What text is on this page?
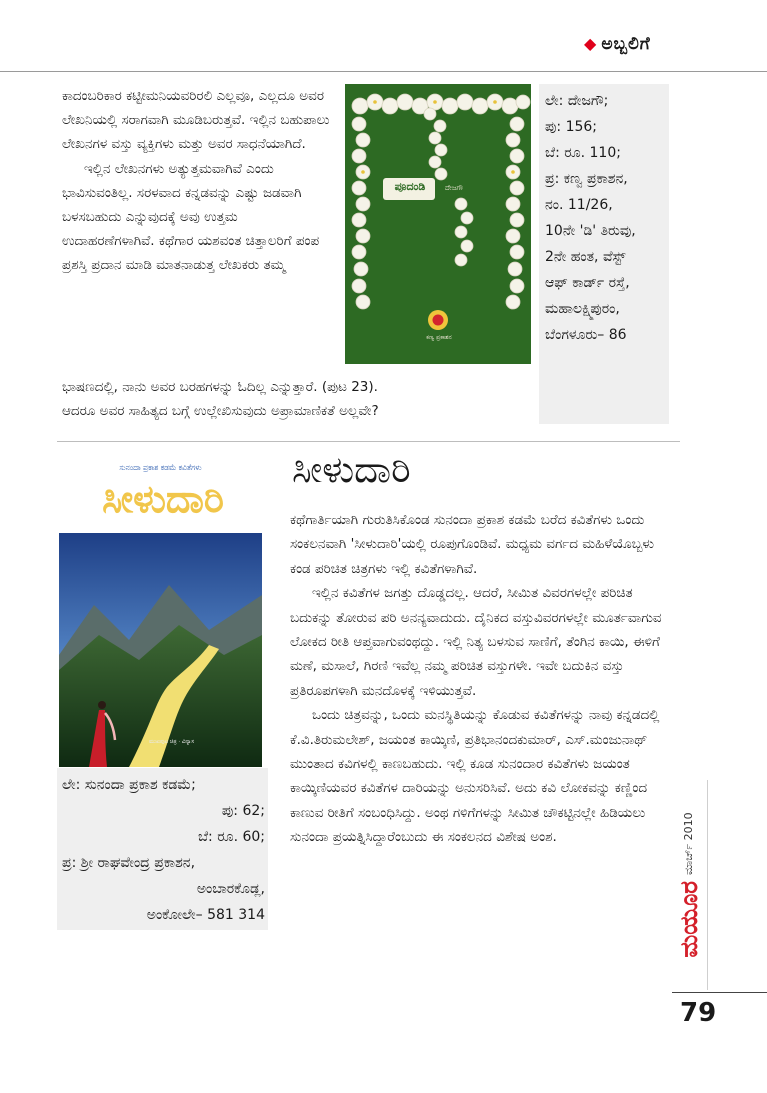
◆ ಅಬ್ಬಲಿಗೆ

ಕಾದಂಬರಿಕಾರ ಕಟ್ಟೀಮನಿಯವರಿರಲಿ ಎಲ್ಲವೂ, ಎಲ್ಲದೂ ಅವರ ಲೇಖನಿಯಲ್ಲಿ ಸರಾಗವಾಗಿ ಮೂಡಿಬರುತ್ತವೆ. ಇಲ್ಲಿನ ಬಹುಪಾಲು ಲೇಖನಗಳ ವಸ್ತು ವ್ಯಕ್ತಿಗಳು ಮತ್ತು ಅವರ ಸಾಧನೆಯಾಗಿದೆ.

ಇಲ್ಲಿನ ಲೇಖನಗಳು ಅತ್ಯುತ್ತಮವಾಗಿವೆ ಎಂದು ಭಾವಿಸುವಂತಿಲ್ಲ. ಸರಳವಾದ ಕನ್ನಡವನ್ನು ಎಷ್ಟು ಜಡವಾಗಿ ಬಳಸಬಹುದು ಎನ್ನುವುದಕ್ಕೆ ಅವು ಉತ್ತಮ ಉದಾಹರಣೆಗಳಾಗಿವೆ. ಕಥೆಗಾರ ಯಶವಂತ ಚಿತ್ತಾಲರಿಗೆ ಪಂಪ ಪ್ರಶಸ್ತಿ ಪ್ರದಾನ ಮಾಡಿ ಮಾತನಾಡುತ್ತ ಲೇಖಕರು ತಮ್ಮ

ಭಾಷಣದಲ್ಲಿ, ನಾನು ಅವರ ಬರಹಗಳನ್ನು ಓದಿಲ್ಲ ಎನ್ನುತ್ತಾರೆ. (ಪುಟ 23).

ಆದರೂ ಅವರ ಸಾಹಿತ್ಯದ ಬಗ್ಗೆ ಉಲ್ಲೇಖಿಸುವುದು ಅಪ್ರಾಮಾಣಿಕತೆ ಅಲ್ಲವೇ?

ಪೂದಂಡಿ	ದೇಜಗೌ
ಕಣ್ವ ಪ್ರಕಾಶನ
ಲೇ: ದೇಜಗೌ;
ಪು: 156;
ಬೆ: ರೂ. 110;
ಪ್ರ: ಕಣ್ವ ಪ್ರಕಾಶನ,
ನಂ. 11/26,
10ನೇ 'ಡಿ' ತಿರುವು,
2ನೇ ಹಂತ, ವೆಸ್ಟ್
ಆಫ್ ಕಾರ್ಡ್ ರಸ್ತೆ,
ಮಹಾಲಕ್ಷ್ಮಿಪುರಂ,
ಬೆಂಗಳೂರು– 86
ಸುನಂದಾ ಪ್ರಕಾಶ ಕಡಮೆ ಕವಿತೆಗಳು
ಸೀಳುದಾರಿ
ಮುಖಪುಟ ಚಿತ್ರ · ವಿನ್ಯಾಸ
ಲೇ: ಸುನಂದಾ ಪ್ರಕಾಶ ಕಡಮೆ;
ಪು: 62;
ಬೆ: ರೂ. 60;
ಪ್ರ: ಶ್ರೀ ರಾಘವೇಂದ್ರ ಪ್ರಕಾಶನ,
ಅಂಬಾರಕೊಡ್ಲ,
ಅಂಕೋಲೇ– 581 314
ಸೀಳುದಾರಿ

ಕಥೆಗಾರ್ತಿಯಾಗಿ ಗುರುತಿಸಿಕೊಂಡ ಸುನಂದಾ ಪ್ರಕಾಶ ಕಡಮೆ ಬರೆದ ಕವಿತೆಗಳು ಒಂದು ಸಂಕಲನವಾಗಿ 'ಸೀಳುದಾರಿ'ಯಲ್ಲಿ ರೂಪುಗೊಂಡಿವೆ. ಮಧ್ಯಮ ವರ್ಗದ ಮಹಿಳೆಯೊಬ್ಬಳು ಕಂಡ ಪರಿಚಿತ ಚಿತ್ರಗಳು ಇಲ್ಲಿ ಕವಿತೆಗಳಾಗಿವೆ.

ಇಲ್ಲಿನ ಕವಿತೆಗಳ ಜಗತ್ತು ದೊಡ್ಡದಲ್ಲ. ಆದರೆ, ಸೀಮಿತ ವಿವರಗಳಲ್ಲೇ ಪರಿಚಿತ ಬದುಕನ್ನು ತೋರುವ ಪರಿ ಅನನ್ಯವಾದುದು. ದೈನಿಕದ ವಸ್ತುವಿವರಗಳಲ್ಲೇ ಮೂರ್ತವಾಗುವ ಲೋಕದ ರೀತಿ ಆಪ್ತವಾಗುವಂಥದ್ದು. ಇಲ್ಲಿ ನಿತ್ಯ ಬಳಸುವ ಸಾಣಿಗೆ, ತೆಂಗಿನ ಕಾಯಿ, ಈಳಿಗೆ ಮಣೆ, ಮಸಾಲೆ, ಗಿರಣಿ ಇವೆಲ್ಲ ನಮ್ಮ ಪರಿಚಿತ ವಸ್ತುಗಳೇ. ಇವೇ ಬದುಕಿನ ವಸ್ತು ಪ್ರತಿರೂಪಗಳಾಗಿ ಮನದೊಳಕ್ಕೆ ಇಳಿಯುತ್ತವೆ.

ಒಂದು ಚಿತ್ರವನ್ನು, ಒಂದು ಮನಸ್ಥಿತಿಯನ್ನು ಕೊಡುವ ಕವಿತೆಗಳನ್ನು ನಾವು ಕನ್ನಡದಲ್ಲಿ ಕೆ.ವಿ.ತಿರುಮಲೇಶ್, ಜಯಂತ ಕಾಯ್ಕಿಣಿ, ಪ್ರತಿಭಾನಂದಕುಮಾರ್, ಎಸ್.ಮಂಜುನಾಥ್ ಮುಂತಾದ ಕವಿಗಳಲ್ಲಿ ಕಾಣಬಹುದು. ಇಲ್ಲಿ ಕೂಡ ಸುನಂದಾರ ಕವಿತೆಗಳು ಜಯಂತ ಕಾಯ್ಕಿಣಿಯವರ ಕವಿತೆಗಳ ದಾರಿಯನ್ನು ಅನುಸರಿಸಿವೆ. ಅದು ಕವಿ ಲೋಕವನ್ನು ಕಣ್ಣಿಂದ ಕಾಣುವ ರೀತಿಗೆ ಸಂಬಂಧಿಸಿದ್ದು. ಅಂಥ ಗಳಿಗೆಗಳನ್ನು ಸೀಮಿತ ಚೌಕಟ್ಟಿನಲ್ಲೇ ಹಿಡಿಯಲು ಸುನಂದಾ ಪ್ರಯತ್ನಿಸಿದ್ದಾರೆಂಬುದು ಈ ಸಂಕಲನದ ವಿಶೇಷ ಅಂಶ.

ಮಯೂರ
ಮಾರ್ಚ್ 2010
79
